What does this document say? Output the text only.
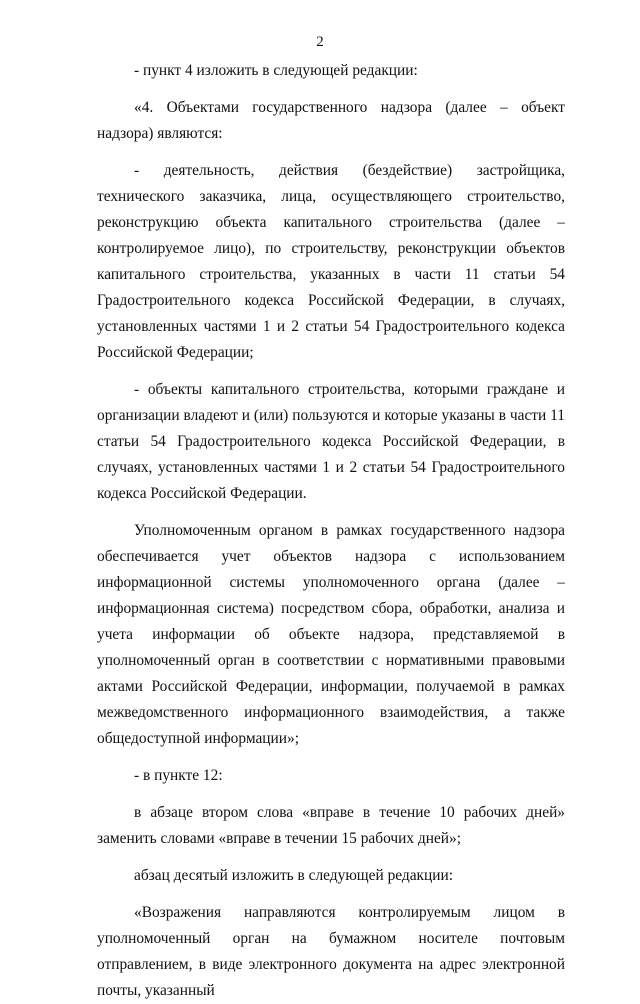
2

- пункт 4 изложить в следующей редакции:

«4. Объектами государственного надзора (далее – объект надзора) являются:

- деятельность, действия (бездействие) застройщика, технического заказчика, лица, осуществляющего строительство, реконструкцию объекта капитального строительства (далее – контролируемое лицо), по строительству, реконструкции объектов капитального строительства, указанных в части 11 статьи 54 Градостроительного кодекса Российской Федерации, в случаях, установленных частями 1 и 2 статьи 54 Градостроительного кодекса Российской Федерации;

- объекты капитального строительства, которыми граждане и организации владеют и (или) пользуются и которые указаны в части 11 статьи 54 Градостроительного кодекса Российской Федерации, в случаях, установленных частями 1 и 2 статьи 54 Градостроительного кодекса Российской Федерации.

Уполномоченным органом в рамках государственного надзора обеспечивается учет объектов надзора с использованием информационной системы уполномоченного органа (далее – информационная система) посредством сбора, обработки, анализа и учета информации об объекте надзора, представляемой в уполномоченный орган в соответствии с нормативными правовыми актами Российской Федерации, информации, получаемой в рамках межведомственного информационного взаимодействия, а также общедоступной информации»;

- в пункте 12:

в абзаце втором слова «вправе в течение 10 рабочих дней» заменить словами «вправе в течении 15 рабочих дней»;

абзац десятый изложить в следующей редакции:

«Возражения направляются контролируемым лицом в уполномоченный орган на бумажном носителе почтовым отправлением, в виде электронного документа на адрес электронной почты, указанный
